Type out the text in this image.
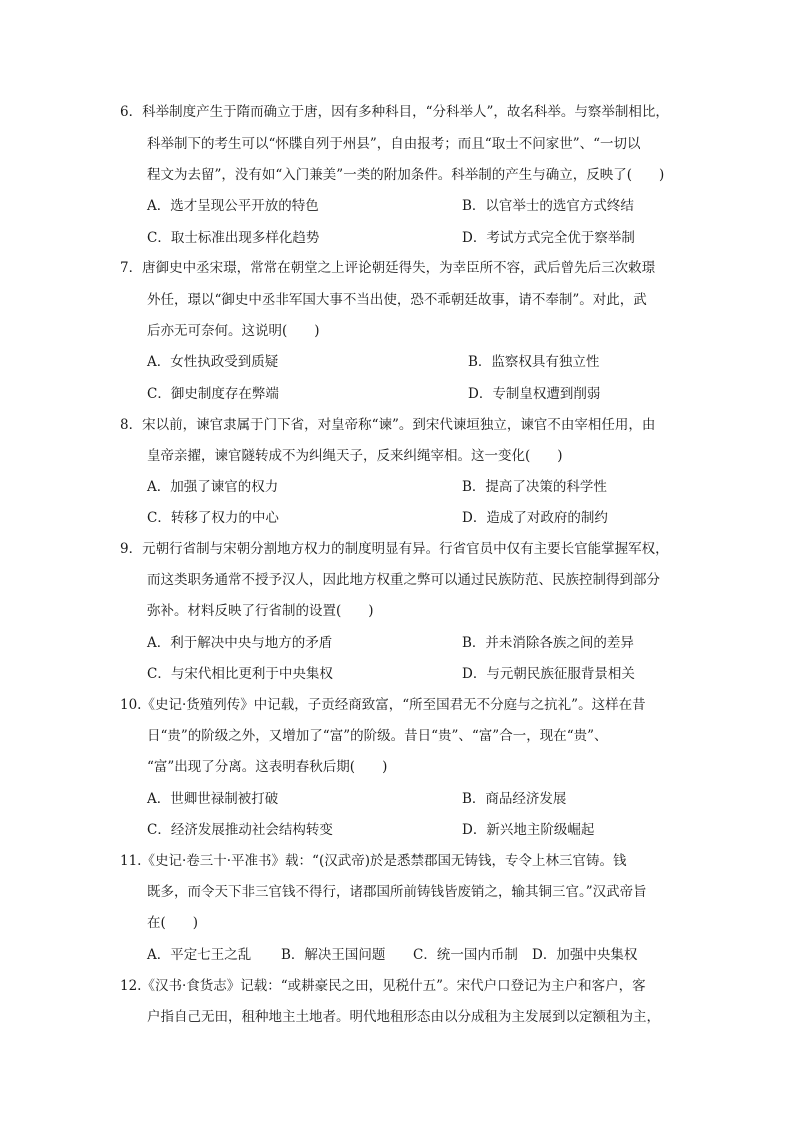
6．科举制度产生于隋而确立于唐，因有多种科目，“分科举人”，故名科举。与察举制相比，
科举制下的考生可以“怀牒自列于州县”，自由报考；而且“取士不问家世”、“一切以
程文为去留”，没有如“入门兼美”一类的附加条件。科举制的产生与确立，反映了(　　)
A．选才呈现公平开放的特色	B．以官举士的选官方式终结
C．取士标准出现多样化趋势	D．考试方式完全优于察举制
7．唐御史中丞宋璟，常常在朝堂之上评论朝廷得失，为幸臣所不容，武后曾先后三次敕璟
外任，璟以“御史中丞非军国大事不当出使，恐不乖朝廷故事，请不奉制”。对此，武
后亦无可奈何。这说明(　　)
A．女性执政受到质疑	B．监察权具有独立性
C．御史制度存在弊端	D．专制皇权遭到削弱
8．宋以前，谏官隶属于门下省，对皇帝称“谏”。到宋代谏垣独立，谏官不由宰相任用，由
皇帝亲擢，谏官隧转成不为纠绳天子，反来纠绳宰相。这一变化(　　)
A．加强了谏官的权力	B．提高了决策的科学性
C．转移了权力的中心	D．造成了对政府的制约
9．元朝行省制与宋朝分割地方权力的制度明显有异。行省官员中仅有主要长官能掌握军权，
而这类职务通常不授予汉人，因此地方权重之弊可以通过民族防范、民族控制得到部分
弥补。材料反映了行省制的设置(　　)
A．利于解决中央与地方的矛盾	B．并未消除各族之间的差异
C．与宋代相比更利于中央集权	D．与元朝民族征服背景相关
10.《史记·货殖列传》中记载，子贡经商致富，“所至国君无不分庭与之抗礼”。这样在昔
日“贵”的阶级之外，又增加了“富”的阶级。昔日“贵”、“富”合一，现在“贵”、
“富”出现了分离。这表明春秋后期(　　)
A．世卿世禄制被打破	B．商品经济发展
C．经济发展推动社会结构转变	D．新兴地主阶级崛起
11.《史记·卷三十·平准书》载：“(汉武帝)於是悉禁郡国无铸钱，专令上林三官铸。钱
既多，而令天下非三官钱不得行，诸郡国所前铸钱皆废销之，输其铜三官。”汉武帝旨
在(　　)
A．平定七王之乱 B．解决王国问题 C．统一国内币制 D．加强中央集权
12.《汉书·食货志》记载：“或耕豪民之田，见税什五”。宋代户口登记为主户和客户，客
户指自己无田，租种地主土地者。明代地租形态由以分成租为主发展到以定额租为主，
